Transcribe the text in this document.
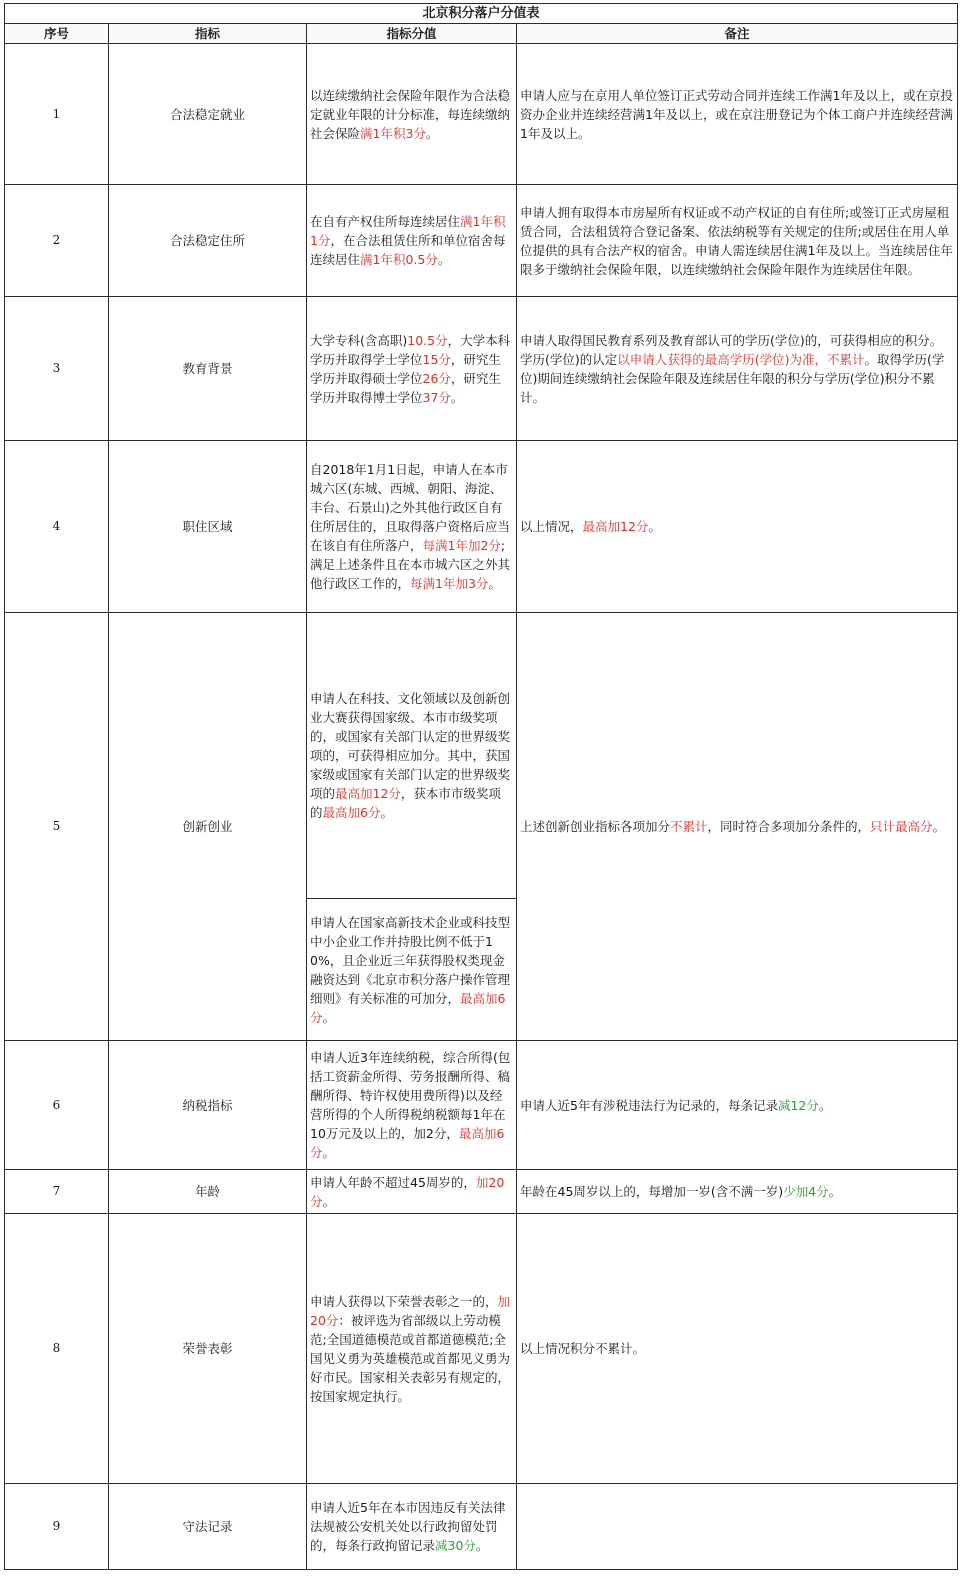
北京积分落户分值表			
序号	指标	指标分值	备注
1	合法稳定就业	以连续缴纳社会保险年限作为合法稳定就业年限的计分标准，每连续缴纳社会保险满1年积3分。	申请人应与在京用人单位签订正式劳动合同并连续工作满1年及以上，或在京投资办企业并连续经营满1年及以上，或在京注册登记为个体工商户并连续经营满1年及以上。
2	合法稳定住所	在自有产权住所每连续居住满1年积1分，在合法租赁住所和单位宿舍每连续居住满1年积0.5分。	申请人拥有取得本市房屋所有权证或不动产权证的自有住所;或签订正式房屋租赁合同，合法租赁符合登记备案、依法纳税等有关规定的住所;或居住在用人单位提供的具有合法产权的宿舍。申请人需连续居住满1年及以上。当连续居住年限多于缴纳社会保险年限，以连续缴纳社会保险年限作为连续居住年限。
3	教育背景	大学专科(含高职)10.5分，大学本科学历并取得学士学位15分，研究生学历并取得硕士学位26分，研究生学历并取得博士学位37分。	申请人取得国民教育系列及教育部认可的学历(学位)的，可获得相应的积分。学历(学位)的认定以申请人获得的最高学历(学位)为准，不累计。取得学历(学位)期间连续缴纳社会保险年限及连续居住年限的积分与学历(学位)积分不累计。
4	职住区域	自2018年1月1日起，申请人在本市城六区(东城、西城、朝阳、海淀、丰台、石景山)之外其他行政区自有住所居住的，且取得落户资格后应当在该自有住所落户，每满1年加2分;满足上述条件且在本市城六区之外其他行政区工作的，每满1年加3分。	以上情况，最高加12分。
5	创新创业	申请人在科技、文化领域以及创新创业大赛获得国家级、本市市级奖项的，或国家有关部门认定的世界级奖项的，可获得相应加分。其中，获国家级或国家有关部门认定的世界级奖项的最高加12分，获本市市级奖项的最高加6分。	上述创新创业指标各项加分不累计，同时符合多项加分条件的，只计最高分。
		申请人在国家高新技术企业或科技型中小企业工作并持股比例不低于10%，且企业近三年获得股权类现金融资达到《北京市积分落户操作管理细则》有关标准的可加分，最高加6分。	
6	纳税指标	申请人近3年连续纳税，综合所得(包括工资薪金所得、劳务报酬所得、稿酬所得、特许权使用费所得)以及经营所得的个人所得税纳税额每1年在10万元及以上的，加2分，最高加6分。	申请人近5年有涉税违法行为记录的，每条记录减12分。
7	年龄	申请人年龄不超过45周岁的，加20分。	年龄在45周岁以上的，每增加一岁(含不满一岁)少加4分。
8	荣誉表彰	申请人获得以下荣誉表彰之一的，加20分：被评选为省部级以上劳动模范;全国道德模范或首都道德模范;全国见义勇为英雄模范或首都见义勇为好市民。国家相关表彰另有规定的，按国家规定执行。	以上情况积分不累计。
9	守法记录	申请人近5年在本市因违反有关法律法规被公安机关处以行政拘留处罚的，每条行政拘留记录减30分。	
